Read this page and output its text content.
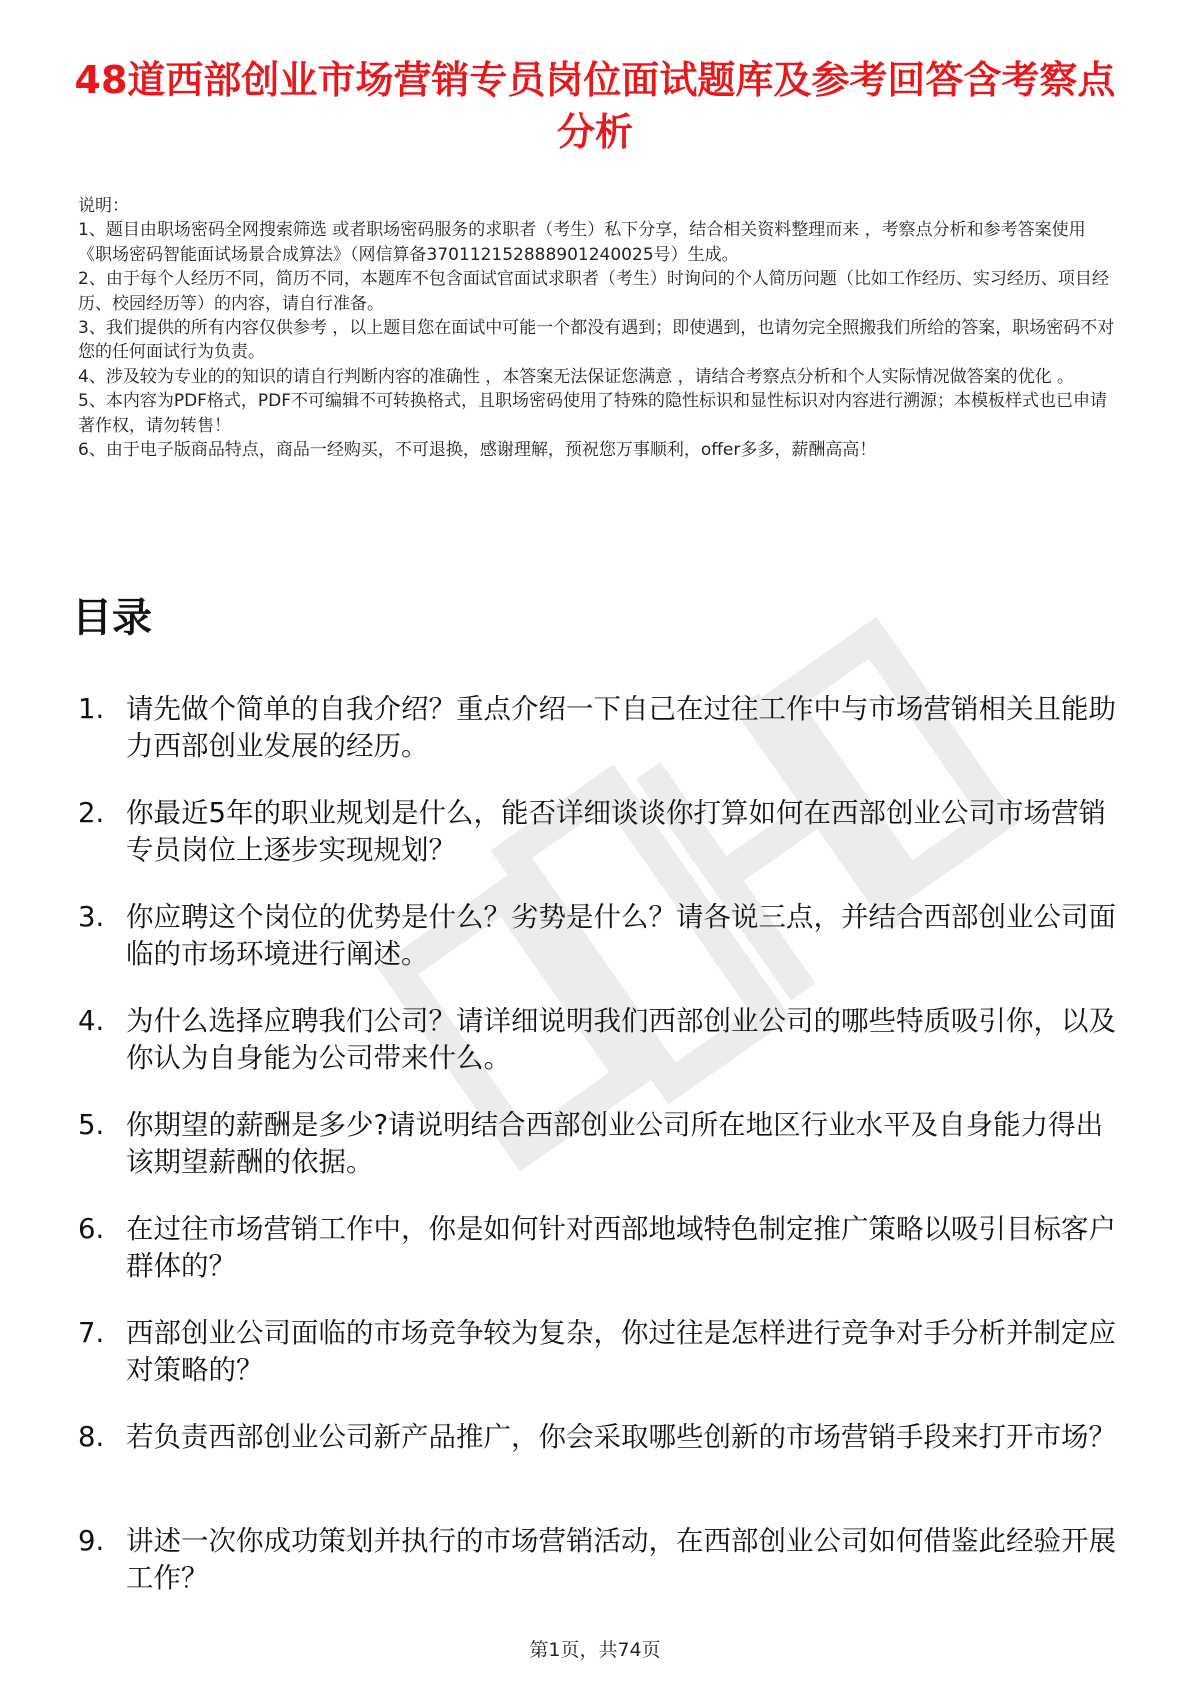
48道西部创业市场营销专员岗位面试题库及参考回答含考察点分析

说明：

1、题目由职场密码全网搜索筛选 或者职场密码服务的求职者（考生）私下分享，结合相关资料整理而来 ，考察点分析和参考答案使用《职场密码智能面试场景合成算法》（网信算备370112152888901240025号）生成。

2、由于每个人经历不同，简历不同，本题库不包含面试官面试求职者（考生）时询问的个人简历问题（比如工作经历、实习经历、项目经历、校园经历等）的内容，请自行准备。

3、我们提供的所有内容仅供参考 ，以上题目您在面试中可能一个都没有遇到；即使遇到，也请勿完全照搬我们所给的答案，职场密码不对您的任何面试行为负责。

4、涉及较为专业的的知识的请自行判断内容的准确性 ，本答案无法保证您满意 ，请结合考察点分析和个人实际情况做答案的优化 。

5、本内容为PDF格式，PDF不可编辑不可转换格式，且职场密码使用了特殊的隐性标识和显性标识对内容进行溯源；本模板样式也已申请著作权，请勿转售！

6、由于电子版商品特点，商品一经购买，不可退换，感谢理解，预祝您万事顺利，offer多多，薪酬高高！

目录
1. 请先做个简单的自我介绍？重点介绍一下自己在过往工作中与市场营销相关且能助力西部创业发展的经历。
2. 你最近5年的职业规划是什么，能否详细谈谈你打算如何在西部创业公司市场营销专员岗位上逐步实现规划？
3. 你应聘这个岗位的优势是什么？劣势是什么？请各说三点，并结合西部创业公司面临的市场环境进行阐述。
4. 为什么选择应聘我们公司？请详细说明我们西部创业公司的哪些特质吸引你，以及你认为自身能为公司带来什么。
5. 你期望的薪酬是多少?请说明结合西部创业公司所在地区行业水平及自身能力得出该期望薪酬的依据。
6. 在过往市场营销工作中，你是如何针对西部地域特色制定推广策略以吸引目标客户群体的？
7. 西部创业公司面临的市场竞争较为复杂，你过往是怎样进行竞争对手分析并制定应对策略的？
8. 若负责西部创业公司新产品推广，你会采取哪些创新的市场营销手段来打开市场？
9. 讲述一次你成功策划并执行的市场营销活动，在西部创业公司如何借鉴此经验开展工作？
第1页，共74页
